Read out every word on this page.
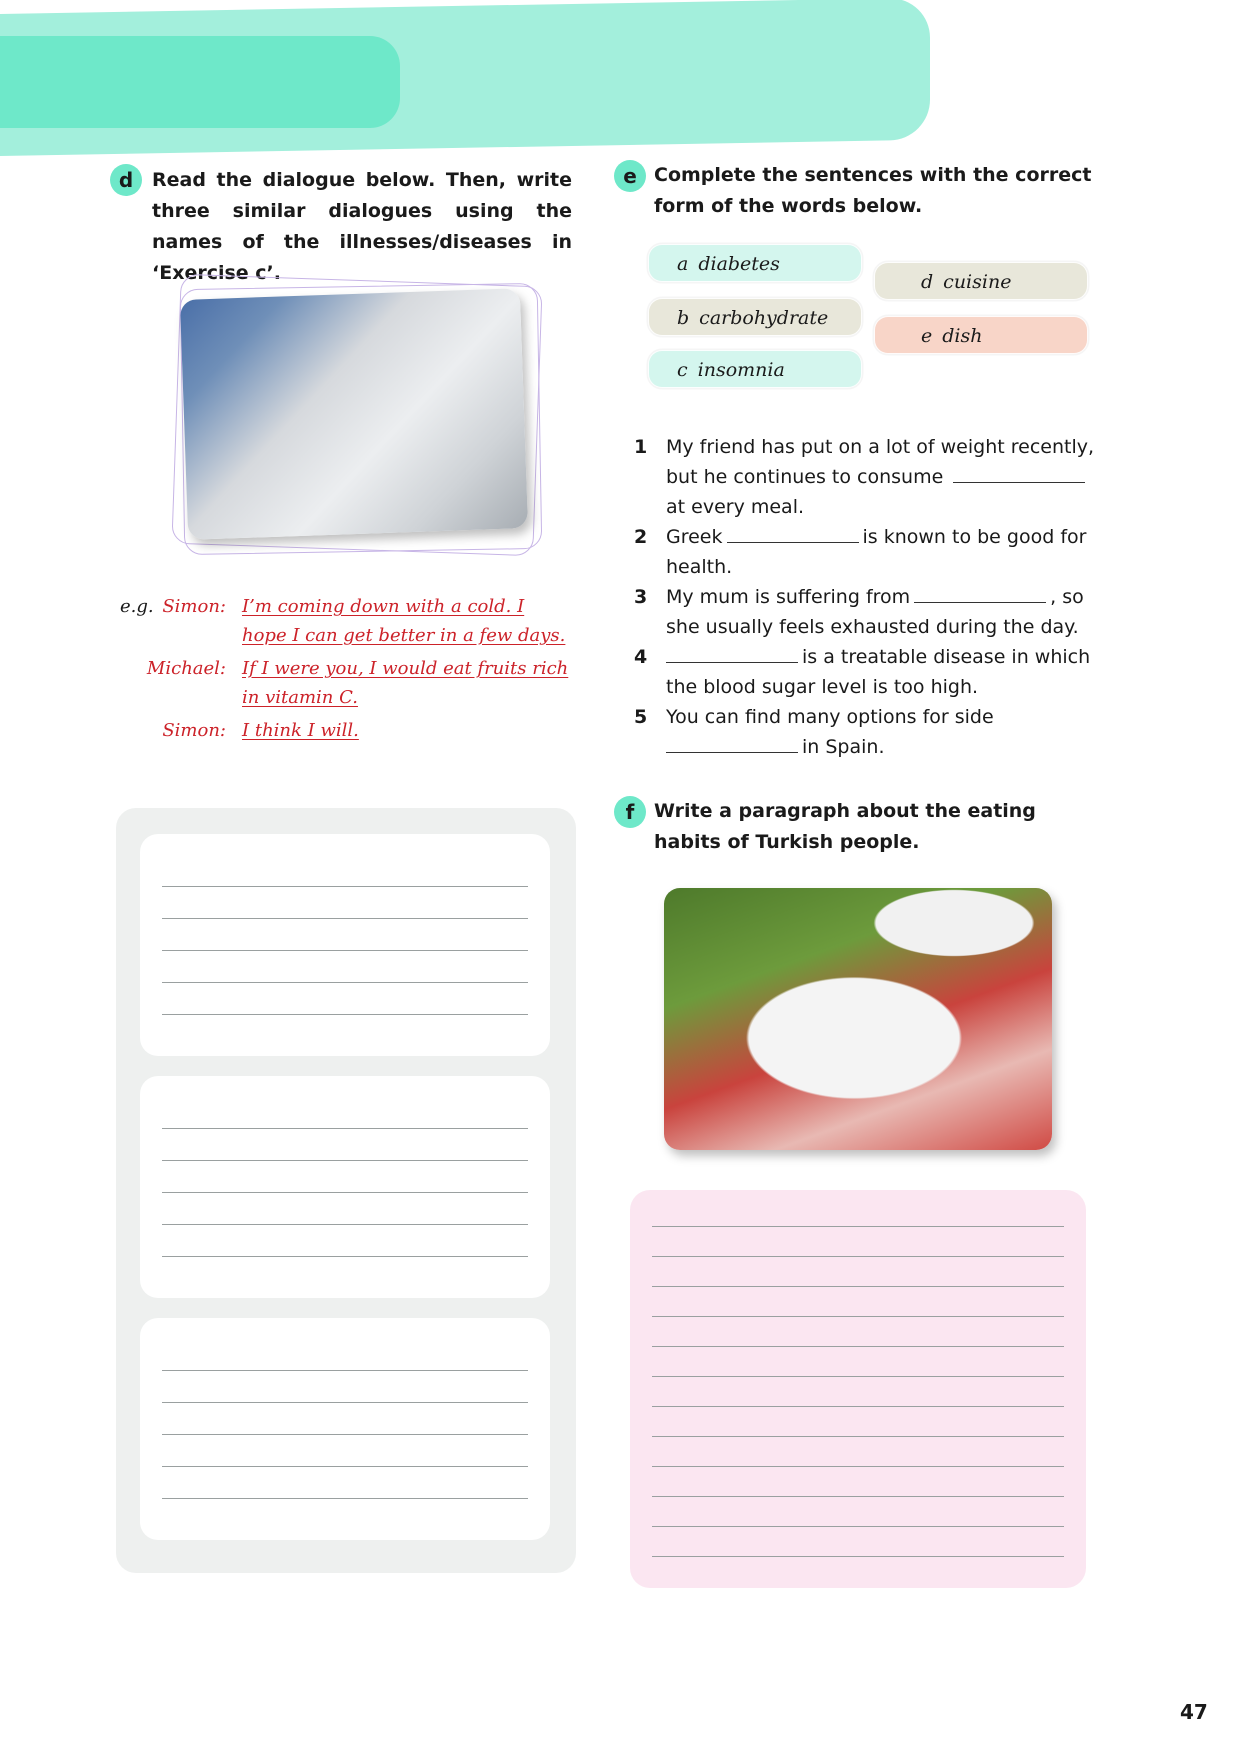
d Read the dialogue below. Then, write three similar dialogues using the names of the illnesses/diseases in ‘Exercise c’.
e.g. Simon: I’m coming down with a cold. I
hope I can get better in a few days.
Michael: If I were you, I would eat fruits rich
in vitamin C.
Simon: I think I will.
e Complete the sentences with the correct form of the words below.
a diabetes
b carbohydrate
c insomnia
d cuisine
e dish
1 My friend has put on a lot of weight recently, but he continues to consume  at every meal.
2 Greek	is known to be good for health.
3 My mum is suffering from	, so she usually feels exhausted during the day.
4	is a treatable disease in which the blood sugar level is too high.
5 You can find many options for side
in Spain.
f	Write a paragraph about the eating habits of Turkish people.
47
